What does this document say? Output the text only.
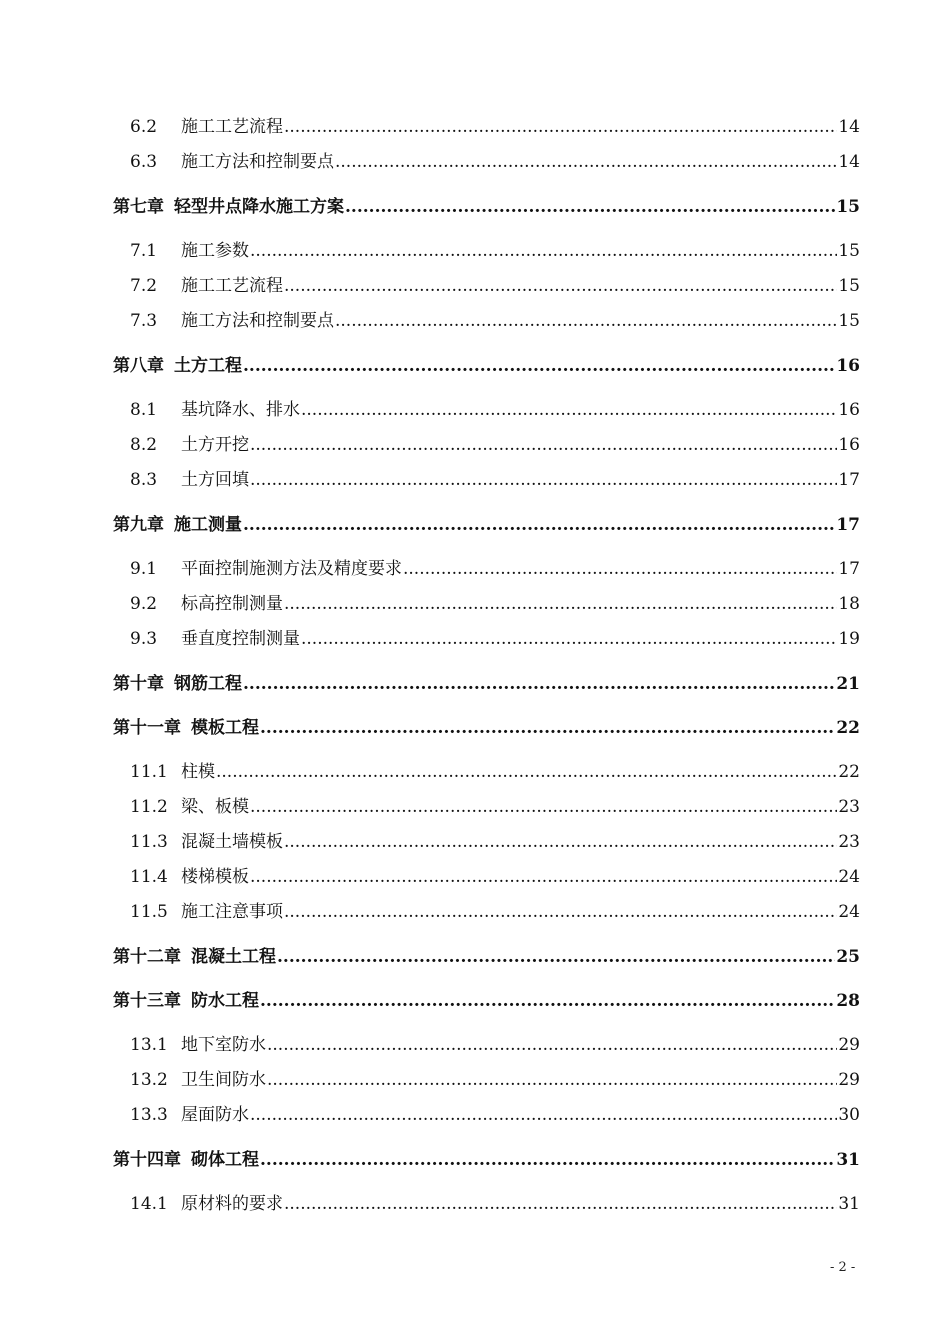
6.2	施工工艺流程 .....	14
6.3	施工方法和控制要点 .....	14
第七章 轻型井点降水施工方案 .....	15
7.1	施工参数 .....	15
7.2	施工工艺流程 .....	15
7.3	施工方法和控制要点 .....	15
第八章 土方工程 .....	16
8.1	基坑降水、排水 .....	16
8.2	土方开挖 .....	16
8.3	土方回填 .....	17
第九章 施工测量 .....	17
9.1	平面控制施测方法及精度要求 .....	17
9.2	标高控制测量 .....	18
9.3	垂直度控制测量 .....	19
第十章 钢筋工程 .....	21
第十一章 模板工程 .....	22
11.1 柱模 .....	22
11.2 梁、板模 .....	23
11.3 混凝土墙模板 .....	23
11.4 楼梯模板 .....	24
11.5 施工注意事项 .....	24
第十二章 混凝土工程 .....	25
第十三章 防水工程 .....	28
13.1 地下室防水 .....	29
13.2 卫生间防水 .....	29
13.3 屋面防水 .....	30
第十四章 砌体工程 .....	31
14.1 原材料的要求 .....	31
- 2 -
